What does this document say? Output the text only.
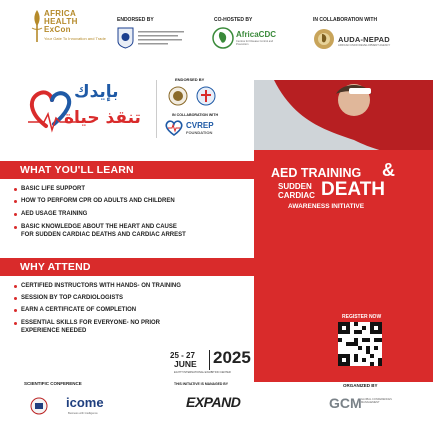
AFRICA
HEALTH
ExCon
Your Gate To Innovation and Trade
ENDORSED BY	CO-HOSTED BY	IN COLLABORATION WITH
AfricaCDC
Centres for Disease Control and Prevention
AUDA-NEPAD
AFRICAN UNION DEVELOPMENT AGENCY
بإيدك
تنقذ حياة
ENDORSED BY
IN COLLABORATION WITH
CVREP
FOUNDATION
WHAT YOU'LL LEARN
BASIC LIFE SUPPORT
HOW TO PERFORM CPR OD ADULTS AND CHILDREN
AED USAGE TRAINING
BASIC KNOWLEDGE ABOUT THE HEART AND CAUSE
FOR SUDDEN CARDIAC DEATHS AND CARDIAC ARREST
WHY ATTEND
CERTIFIED INSTRUCTORS WITH HANDS- ON TRAINING
SESSION BY TOP CARDIOLOGISTS
EARN A CERTIFICATE OF COMPLETION
ESSENTIAL SKILLS FOR EVERYONE- NO PRIOR
EXPERIENCE NEEDED
AED TRAINING &
SUDDEN
CARDIAC DEATH
AWARENESS INITIATIVE
REGISTER NOW
25 - 27
JUNE 2025
EGYPT INTERNATIONAL EXHIBITION CENTER
SCIENTIFIC CONFERENCE
icome
Business with Intelligence
THIS INITIATIVE IS MANAGED BY
EXPAND
ORGANIZED BY
GCM GLOBAL CONFERENCES MANAGEMENT
